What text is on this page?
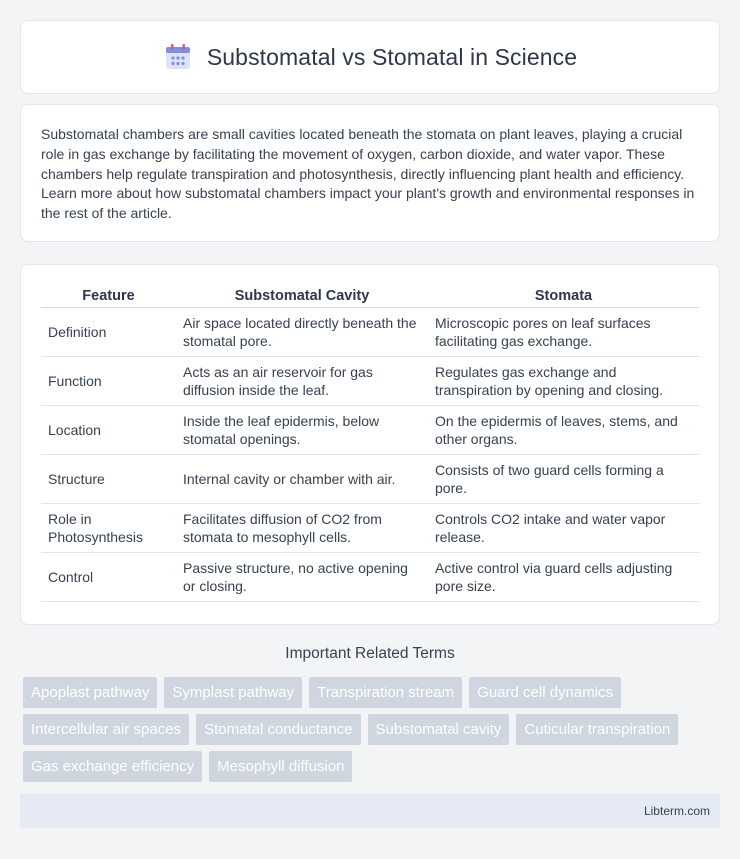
Substomatal vs Stomatal in Science

Substomatal chambers are small cavities located beneath the stomata on plant leaves, playing a crucial role in gas exchange by facilitating the movement of oxygen, carbon dioxide, and water vapor. These chambers help regulate transpiration and photosynthesis, directly influencing plant health and efficiency. Learn more about how substomatal chambers impact your plant's growth and environmental responses in the rest of the article.

Feature	Substomatal Cavity	Stomata
Definition	Air space located directly beneath the stomatal pore.	Microscopic pores on leaf surfaces facilitating gas exchange.
Function	Acts as an air reservoir for gas diffusion inside the leaf.	Regulates gas exchange and transpiration by opening and closing.
Location	Inside the leaf epidermis, below stomatal openings.	On the epidermis of leaves, stems, and other organs.
Structure	Internal cavity or chamber with air.	Consists of two guard cells forming a pore.
Role in Photosynthesis	Facilitates diffusion of CO2 from stomata to mesophyll cells.	Controls CO2 intake and water vapor release.
Control	Passive structure, no active opening or closing.	Active control via guard cells adjusting pore size.
Important Related Terms
Apoplast pathway	Symplast pathway	Transpiration stream	Guard cell dynamics
Intercellular air spaces	Stomatal conductance	Substomatal cavity	Cuticular transpiration
Gas exchange efficiency	Mesophyll diffusion
Libterm.com
